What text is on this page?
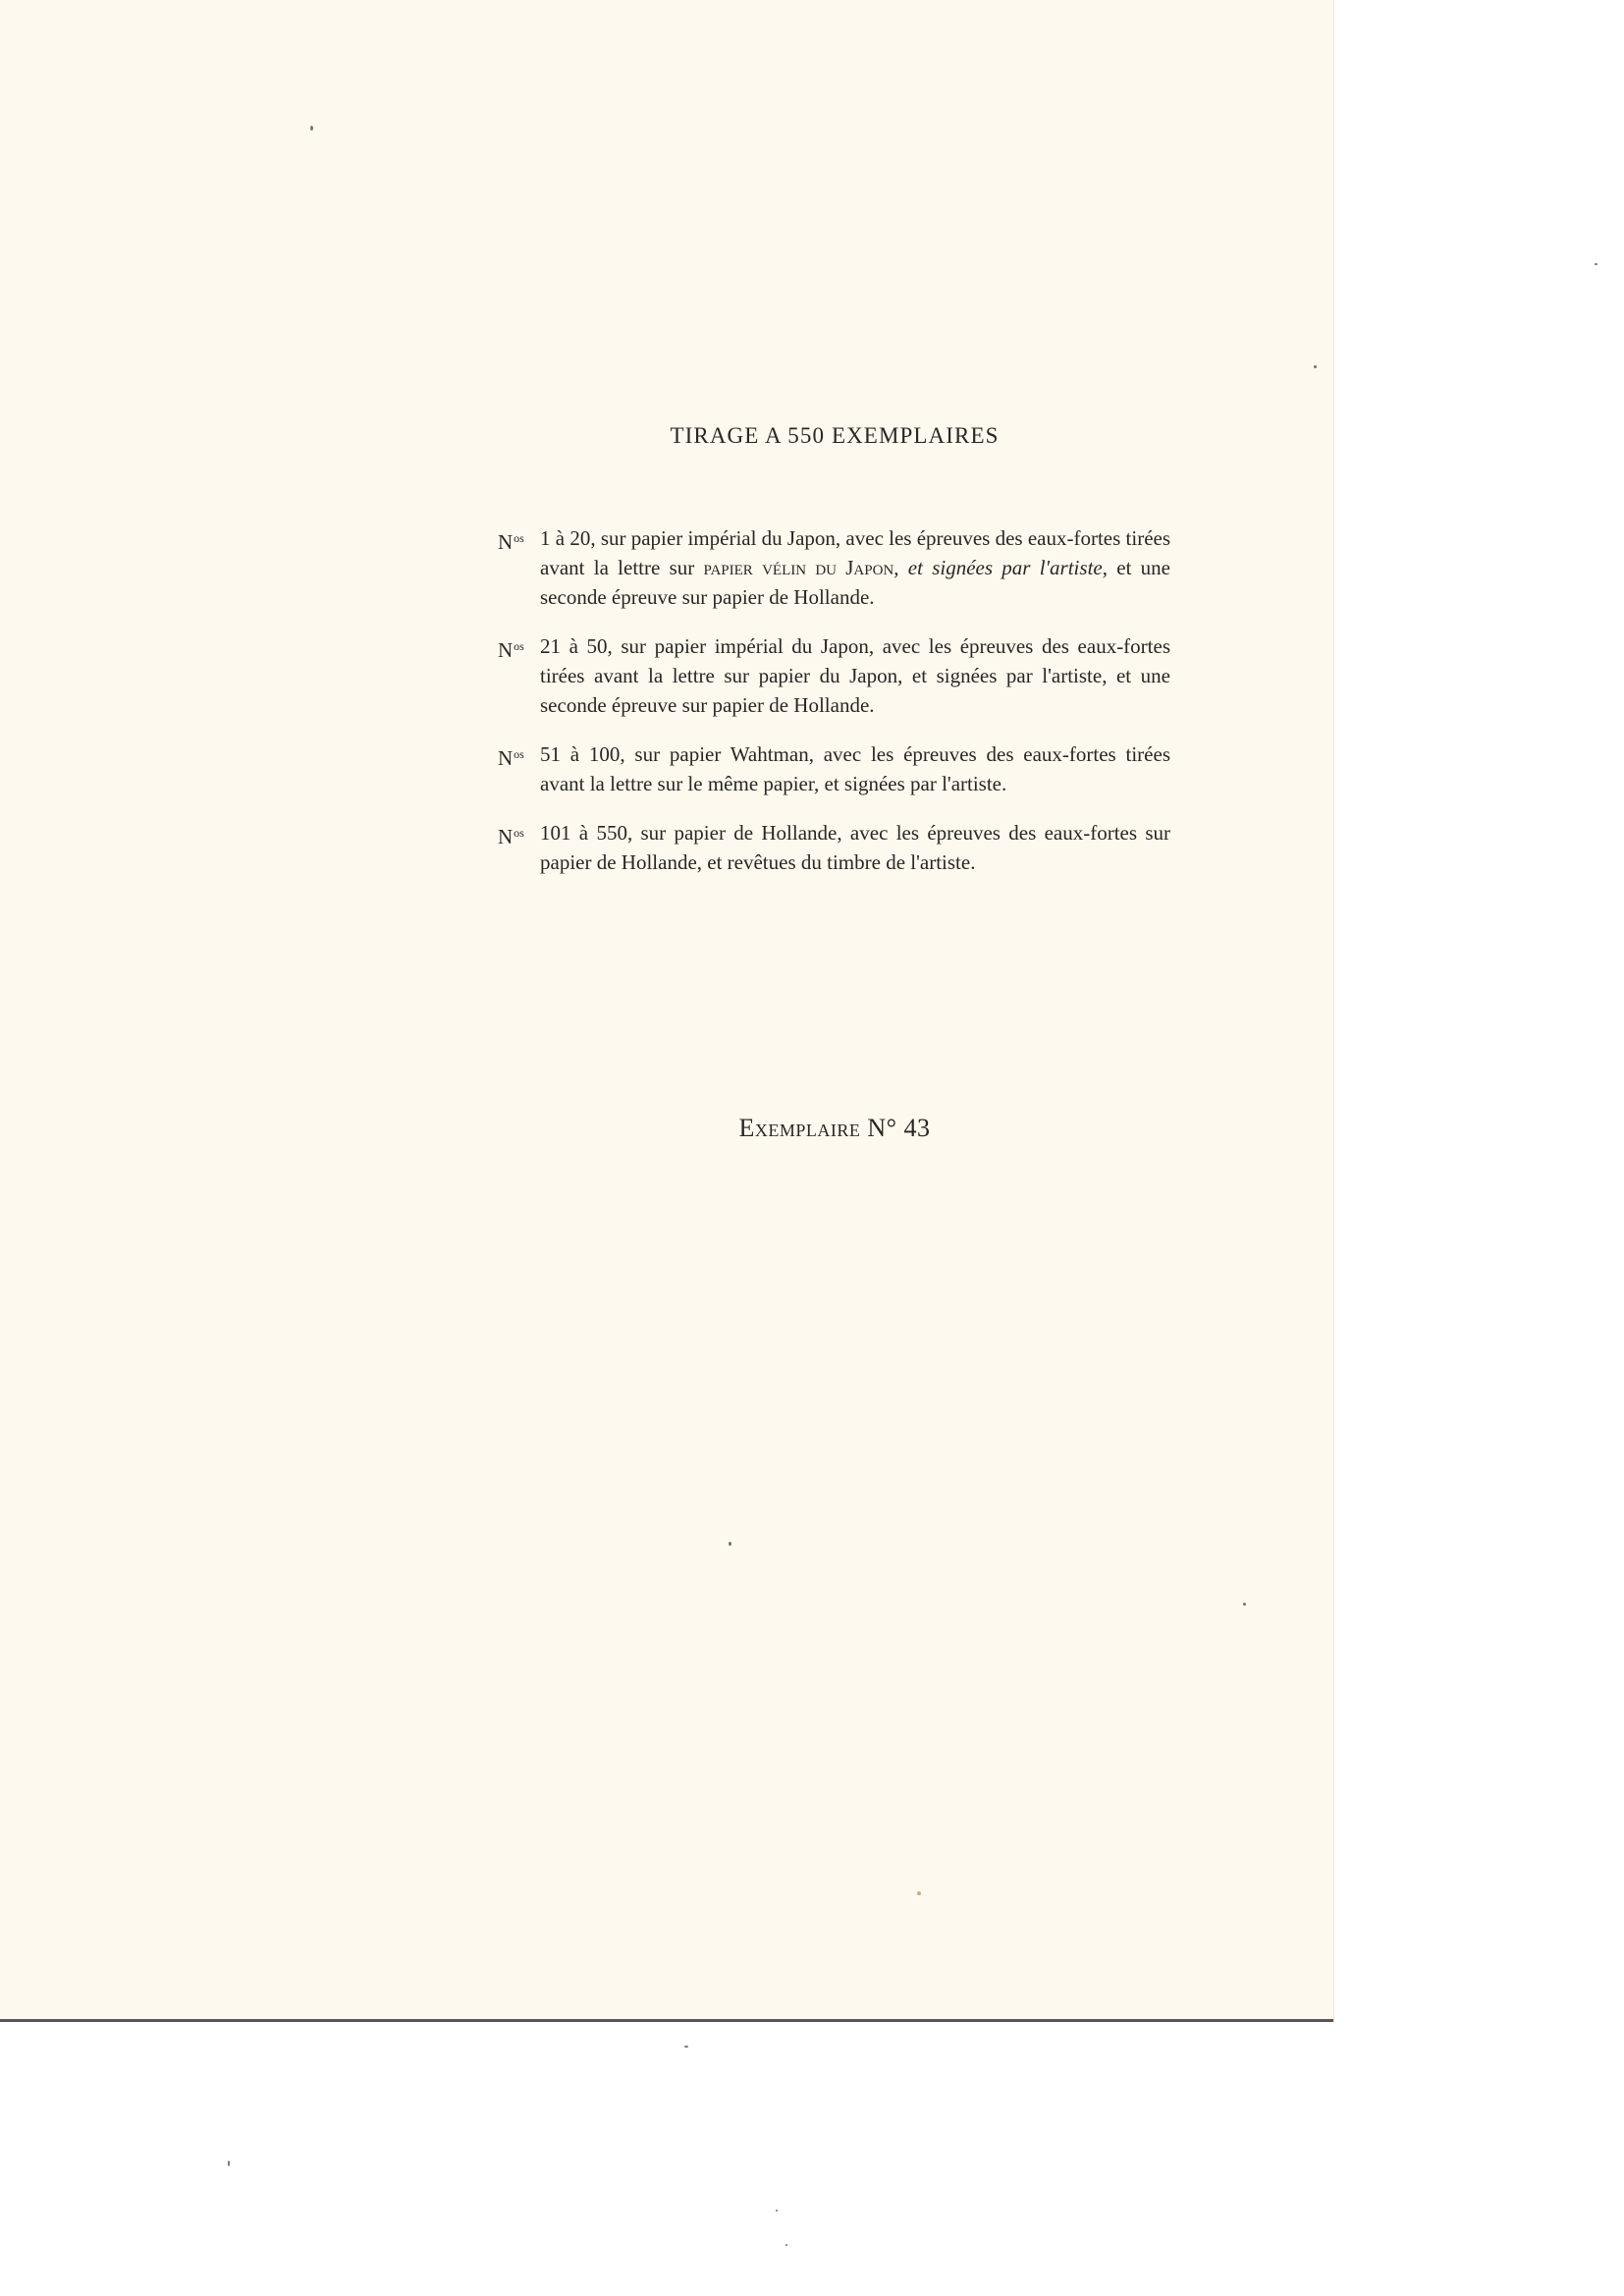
TIRAGE A 550 EXEMPLAIRES
$N^{os}$ 1 à 20, sur papier impérial du Japon, avec les épreuves des eaux-fortes tirées avant la lettre sur papier vélin du Japon, et signées par l'artiste, et une seconde épreuve sur papier de Hollande.
$N^{os}$ 21 à 50, sur papier impérial du Japon, avec les épreuves des eaux-fortes tirées avant la lettre sur papier du Japon, et signées par l'artiste, et une seconde épreuve sur papier de Hollande.
$N^{os}$ 51 à 100, sur papier Wahtman, avec les épreuves des eaux-fortes tirées avant la lettre sur le même papier, et signées par l'artiste.
$N^{os}$ 101 à 550, sur papier de Hollande, avec les épreuves des eaux-fortes sur papier de Hollande, et revêtues du timbre de l'artiste.
Exemplaire N° 43
